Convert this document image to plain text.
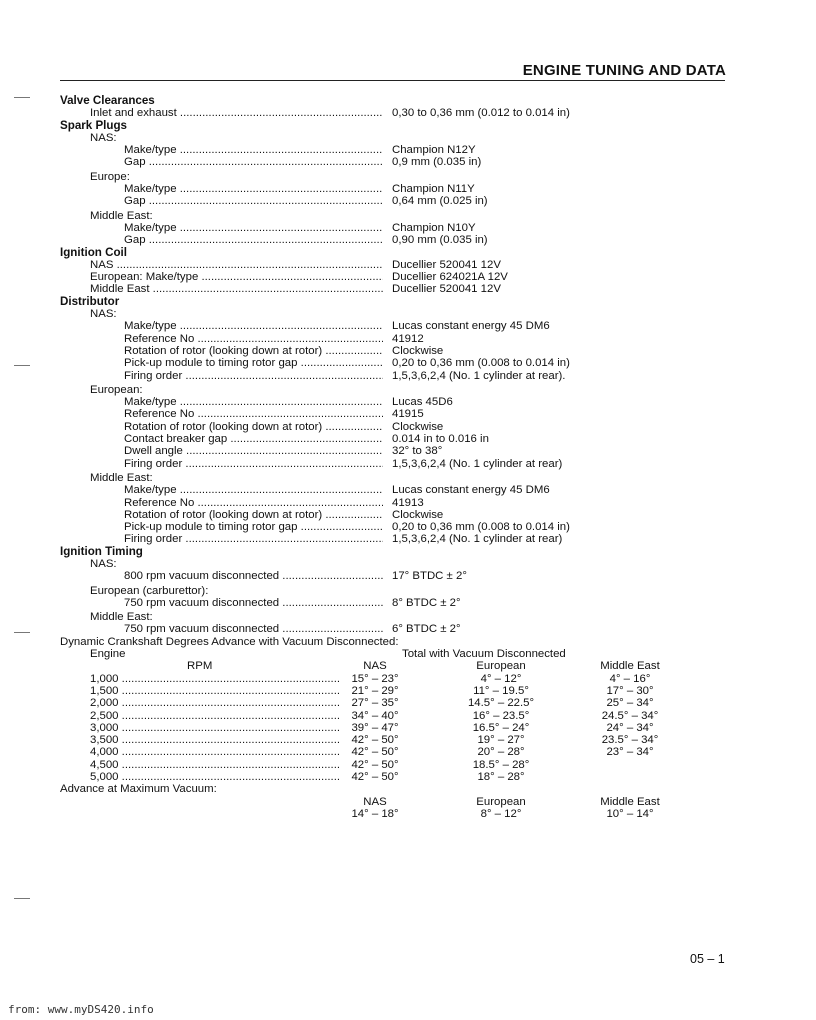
ENGINE TUNING AND DATA
Valve Clearances
Inlet and exhaust .....	0,30 to 0,36 mm (0.012 to 0.014 in)
Spark Plugs
NAS:
Make/type .....	Champion N12Y
Gap .....	0,9 mm (0.035 in)
Europe:
Make/type .....	Champion N11Y
Gap .....	0,64 mm (0.025 in)
Middle East:
Make/type .....	Champion N10Y
Gap .....	0,90 mm (0.035 in)
Ignition Coil
NAS .....	Ducellier 520041 12V
European: Make/type .....	Ducellier 624021A 12V
Middle East .....	Ducellier 520041 12V
Distributor
NAS:
Make/type .....	Lucas constant energy 45 DM6
Reference No .....	41912
Rotation of rotor (looking down at rotor) .....	Clockwise
Pick-up module to timing rotor gap .....	0,20 to 0,36 mm (0.008 to 0.014 in)
Firing order .....	1,5,3,6,2,4 (No. 1 cylinder at rear).
European:
Make/type .....	Lucas 45D6
Reference No .....	41915
Rotation of rotor (looking down at rotor) .....	Clockwise
Contact breaker gap .....	0.014 in to 0.016 in
Dwell angle .....	32° to 38°
Firing order .....	1,5,3,6,2,4 (No. 1 cylinder at rear)
Middle East:
Make/type .....	Lucas constant energy 45 DM6
Reference No .....	41913
Rotation of rotor (looking down at rotor) .....	Clockwise
Pick-up module to timing rotor gap .....	0,20 to 0,36 mm (0.008 to 0.014 in)
Firing order .....	1,5,3,6,2,4 (No. 1 cylinder at rear)
Ignition Timing
NAS:
800 rpm vacuum disconnected .....	17° BTDC ± 2°
European (carburettor):
750 rpm vacuum disconnected .....	8° BTDC ± 2°
Middle East:
750 rpm vacuum disconnected .....	6° BTDC ± 2°
Dynamic Crankshaft Degrees Advance with Vacuum Disconnected:
Engine	Total with Vacuum Disconnected
RPM	NAS	European	Middle East
1,000 .....	15° – 23°	4° – 12°	4° – 16°
1,500 .....	21° – 29°	11° – 19.5°	17° – 30°
2,000 .....	27° – 35°	14.5° – 22.5°	25° – 34°
2,500 .....	34° – 40°	16° – 23.5°	24.5° – 34°
3,000 .....	39° – 47°	16.5° – 24°	24° – 34°
3,500 .....	42° – 50°	19° – 27°	23.5° – 34°
4,000 .....	42° – 50°	20° – 28°	23° – 34°
4,500 .....	42° – 50°	18.5° – 28°
5,000 .....	42° – 50°	18° – 28°
Advance at Maximum Vacuum:
NAS	European	Middle East
14° – 18°	8° – 12°	10° – 14°
05 – 1
from: www.myDS420.info
